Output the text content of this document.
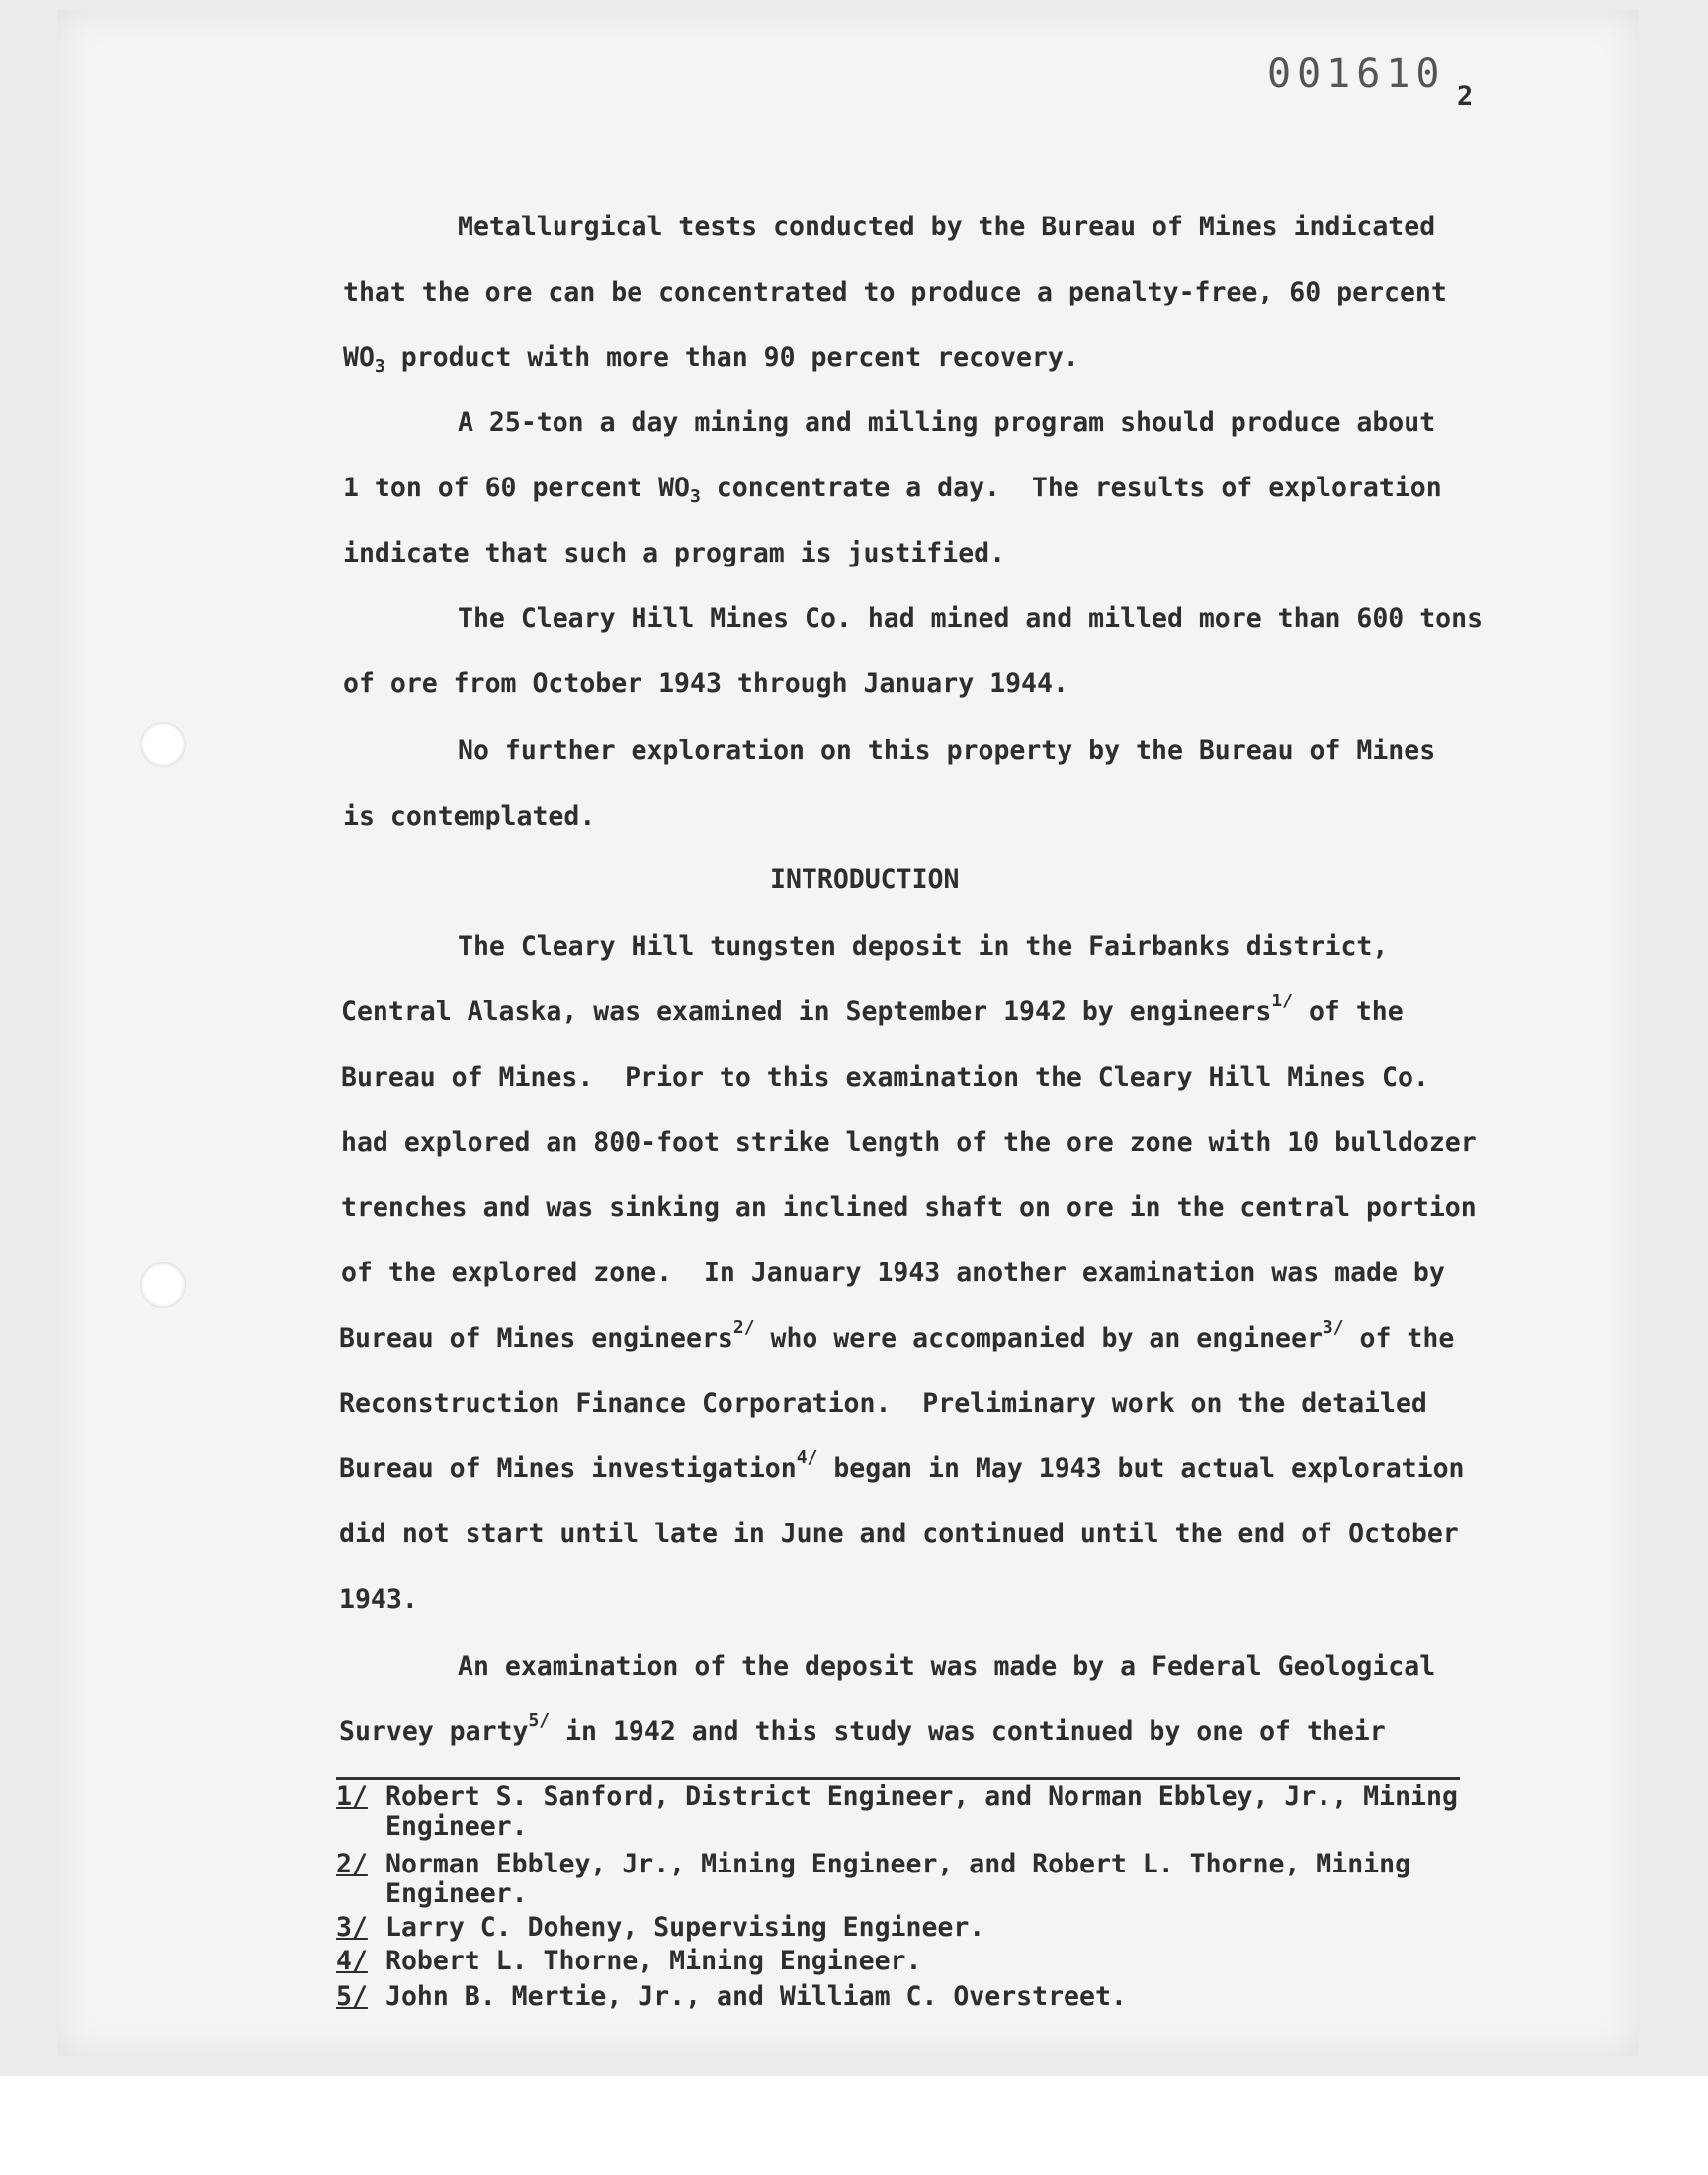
001610 2
Metallurgical tests conducted by the Bureau of Mines indicated
that the ore can be concentrated to produce a penalty-free, 60 percent
$WO_3$ product with more than 90 percent recovery.
A 25-ton a day mining and milling program should produce about
1 ton of 60 percent $WO_3$ concentrate a day.  The results of exploration
indicate that such a program is justified.
The Cleary Hill Mines Co. had mined and milled more than 600 tons
of ore from October 1943 through January 1944.
No further exploration on this property by the Bureau of Mines
is contemplated.
INTRODUCTION
The Cleary Hill tungsten deposit in the Fairbanks district,
Central Alaska, was examined in September 1942 by engineers$^{1/}$ of the
Bureau of Mines.  Prior to this examination the Cleary Hill Mines Co.
had explored an 800-foot strike length of the ore zone with 10 bulldozer
trenches and was sinking an inclined shaft on ore in the central portion
of the explored zone.  In January 1943 another examination was made by
Bureau of Mines engineers$^{2/}$ who were accompanied by an engineer$^{3/}$ of the
Reconstruction Finance Corporation.  Preliminary work on the detailed
Bureau of Mines investigation$^{4/}$ began in May 1943 but actual exploration
did not start until late in June and continued until the end of October
1943.
An examination of the deposit was made by a Federal Geological
Survey party$^{5/}$ in 1942 and this study was continued by one of their
1/ Robert S. Sanford, District Engineer, and Norman Ebbley, Jr., Mining
Engineer.
2/ Norman Ebbley, Jr., Mining Engineer, and Robert L. Thorne, Mining
Engineer.
3/ Larry C. Doheny, Supervising Engineer.
4/ Robert L. Thorne, Mining Engineer.
5/ John B. Mertie, Jr., and William C. Overstreet.
